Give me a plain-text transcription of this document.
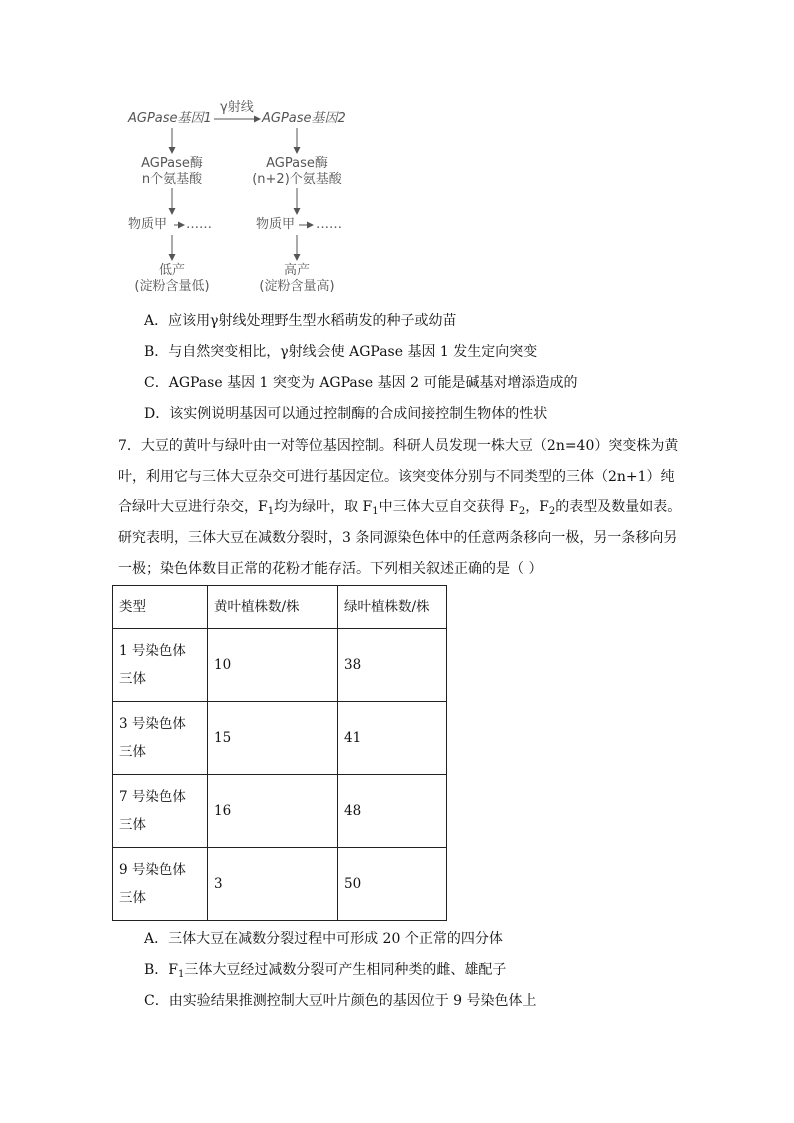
AGPase基因1
γ射线
AGPase基因2
AGPase酶
n个氨基酸
AGPase酶
(n+2)个氨基酸
物质甲 ……	物质甲 ……
低产
(淀粉含量低)
高产
(淀粉含量高)
A．应该用γ射线处理野生型水稻萌发的种子或幼苗
B．与自然突变相比，γ射线会使 AGPase 基因 1 发生定向突变
C．AGPase 基因 1 突变为 AGPase 基因 2 可能是碱基对增添造成的
D．该实例说明基因可以通过控制酶的合成间接控制生物体的性状
7．大豆的黄叶与绿叶由一对等位基因控制。科研人员发现一株大豆（2n=40）突变株为黄
叶，利用它与三体大豆杂交可进行基因定位。该突变体分别与不同类型的三体（2n+1）纯
合绿叶大豆进行杂交，$F_1$均为绿叶，取 $F_1$中三体大豆自交获得 $F_2$，$F_2$的表型及数量如表。
研究表明，三体大豆在减数分裂时，3 条同源染色体中的任意两条移向一极，另一条移向另
一极；染色体数目正常的花粉才能存活。下列相关叙述正确的是（ ）
类型	黄叶植株数/株	绿叶植株数/株
1 号染色体
三体	10	38
3 号染色体
三体	15	41
7 号染色体
三体	16	48
9 号染色体
三体	3	50
A．三体大豆在减数分裂过程中可形成 20 个正常的四分体
B．$F_1$三体大豆经过减数分裂可产生相同种类的雌、雄配子
C．由实验结果推测控制大豆叶片颜色的基因位于 9 号染色体上
